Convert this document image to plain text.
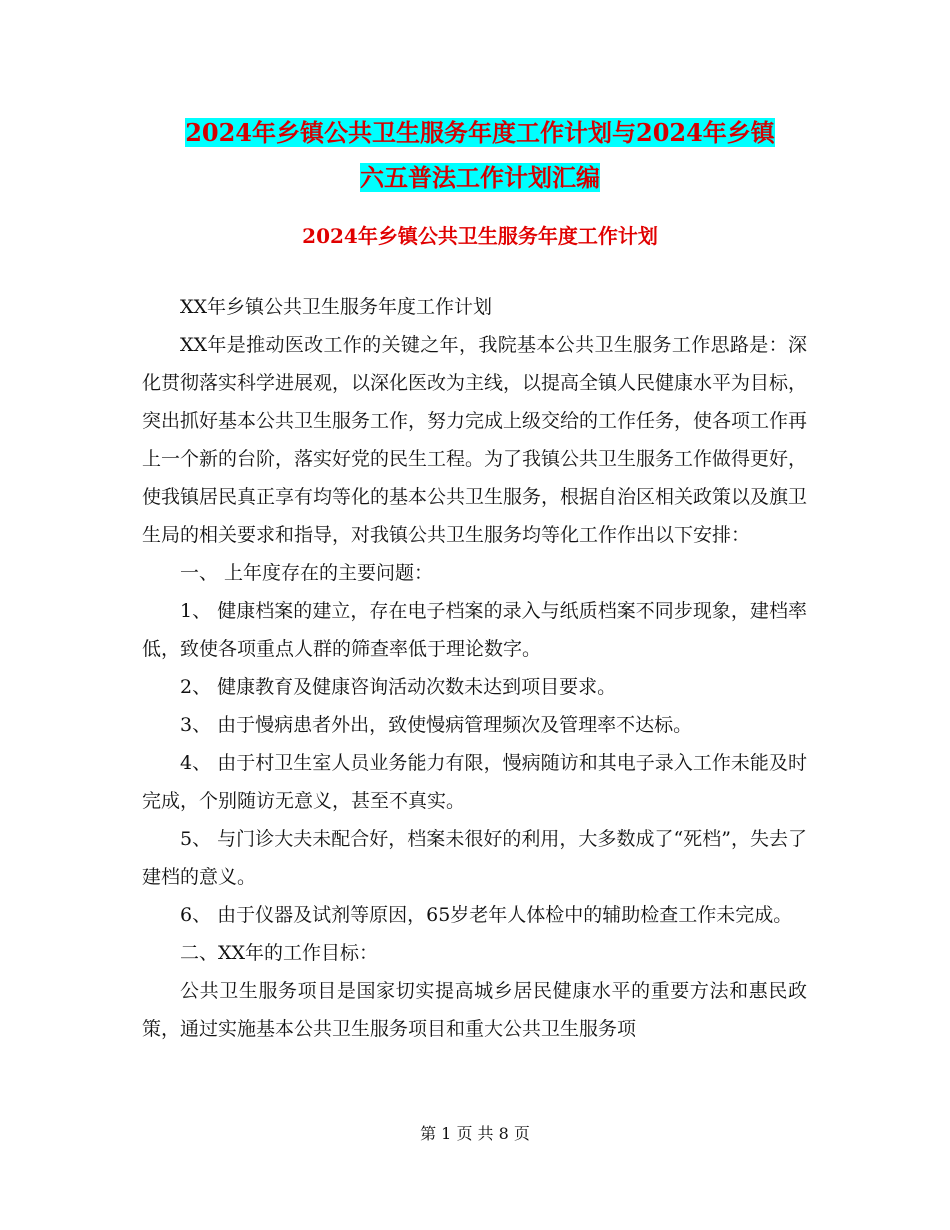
2024年乡镇公共卫生服务年度工作计划与2024年乡镇
六五普法工作计划汇编
2024年乡镇公共卫生服务年度工作计划

XX年乡镇公共卫生服务年度工作计划

XX年是推动医改工作的关键之年，我院基本公共卫生服务工作思路是：深化贯彻落实科学进展观，以深化医改为主线，以提高全镇人民健康水平为目标，突出抓好基本公共卫生服务工作，努力完成上级交给的工作任务，使各项工作再上一个新的台阶，落实好党的民生工程。为了我镇公共卫生服务工作做得更好，使我镇居民真正享有均等化的基本公共卫生服务，根据自治区相关政策以及旗卫生局的相关要求和指导，对我镇公共卫生服务均等化工作作出以下安排：

一、 上年度存在的主要问题：

1、 健康档案的建立，存在电子档案的录入与纸质档案不同步现象，建档率低，致使各项重点人群的筛查率低于理论数字。

2、 健康教育及健康咨询活动次数未达到项目要求。

3、 由于慢病患者外出，致使慢病管理频次及管理率不达标。

4、 由于村卫生室人员业务能力有限，慢病随访和其电子录入工作未能及时完成，个别随访无意义，甚至不真实。

5、 与门诊大夫未配合好，档案未很好的利用，大多数成了“死档”，失去了建档的意义。

6、 由于仪器及试剂等原因，65岁老年人体检中的辅助检查工作未完成。

二、XX年的工作目标：

公共卫生服务项目是国家切实提高城乡居民健康水平的重要方法和惠民政策，通过实施基本公共卫生服务项目和重大公共卫生服务项

第 1 页 共 8 页
